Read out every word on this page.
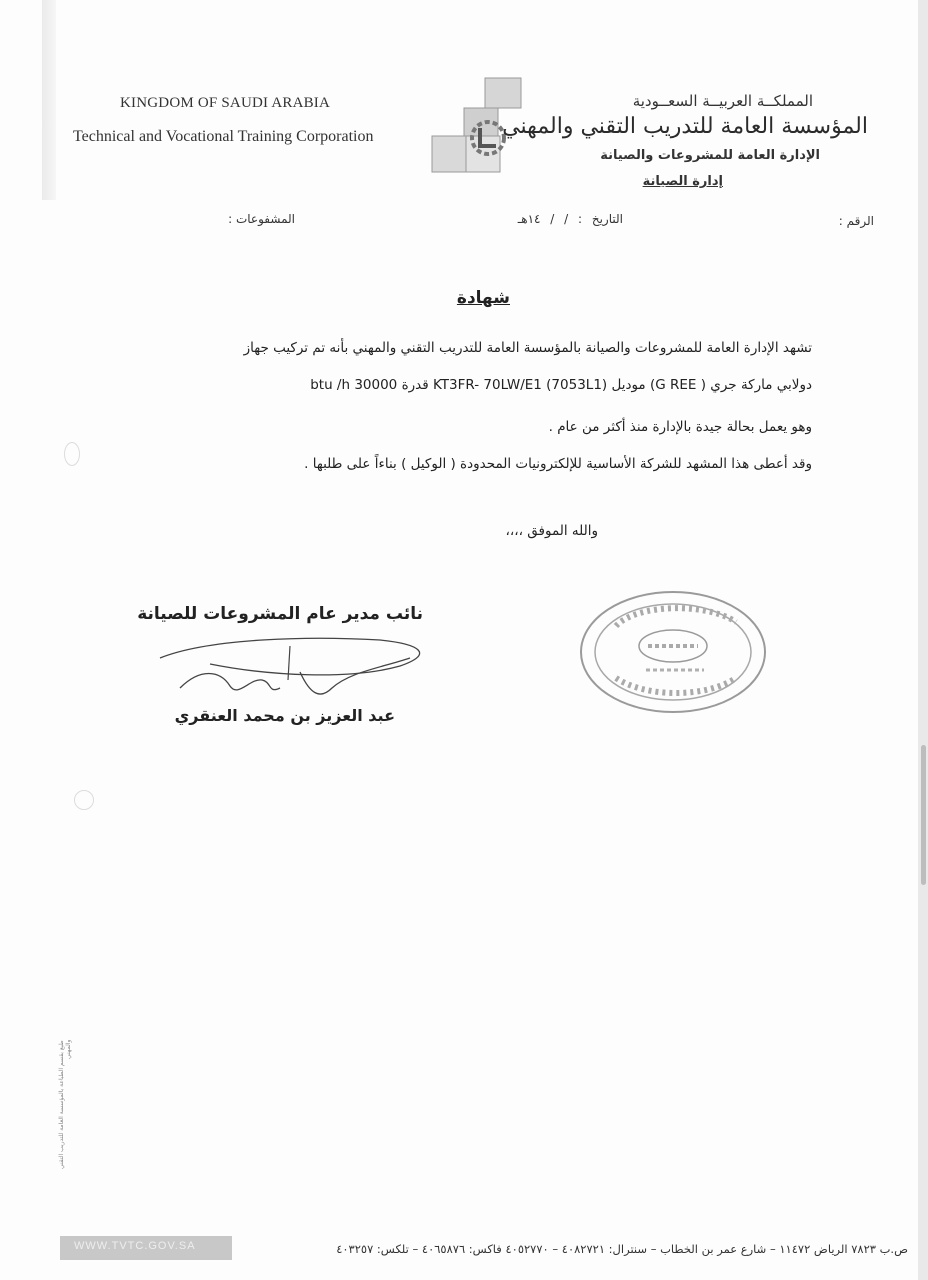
KINGDOM OF SAUDI ARABIA
Technical and Vocational Training Corporation
المملكــة العربيــة السعــودية
المؤسسة العامة للتدريب التقني والمهني
الإدارة العامة للمشروعات والصيانة
إدارة الصيانة
الرقم :
التاريخ : / / ١٤هـ
المشفوعات :
شهادة
تشهد الإدارة العامة للمشروعات والصيانة بالمؤسسة العامة للتدريب التقني والمهني بأنه تم تركيب جهاز
دولابي ماركة جري ( G REE) موديل (KT3FR- 70LW/E1 (7053L1 قدرة 30000 btu /h
وهو يعمل بحالة جيدة بالإدارة منذ أكثر من عام .
وقد أعطى هذا المشهد للشركة الأساسية للإلكترونيات المحدودة ( الوكيل ) بناءاً على طلبها .
والله الموفق ،،،،
نائب مدير عام المشروعات للصيانة
عبد العزيز بن محمد العنقري
طبع بقسم الطباعة بالمؤسسة العامة للتدريب التقني والمهني
WWW.TVTC.GOV.SA	ص.ب ٧٨٢٣ الرياض ١١٤٧٢ – شارع عمر بن الخطاب – سنترال: ٤٠٨٢٧٢١ – ٤٠٥٢٧٧٠ فاكس: ٤٠٦٥٨٧٦ – تلكس: ٤٠٣٢٥٧
